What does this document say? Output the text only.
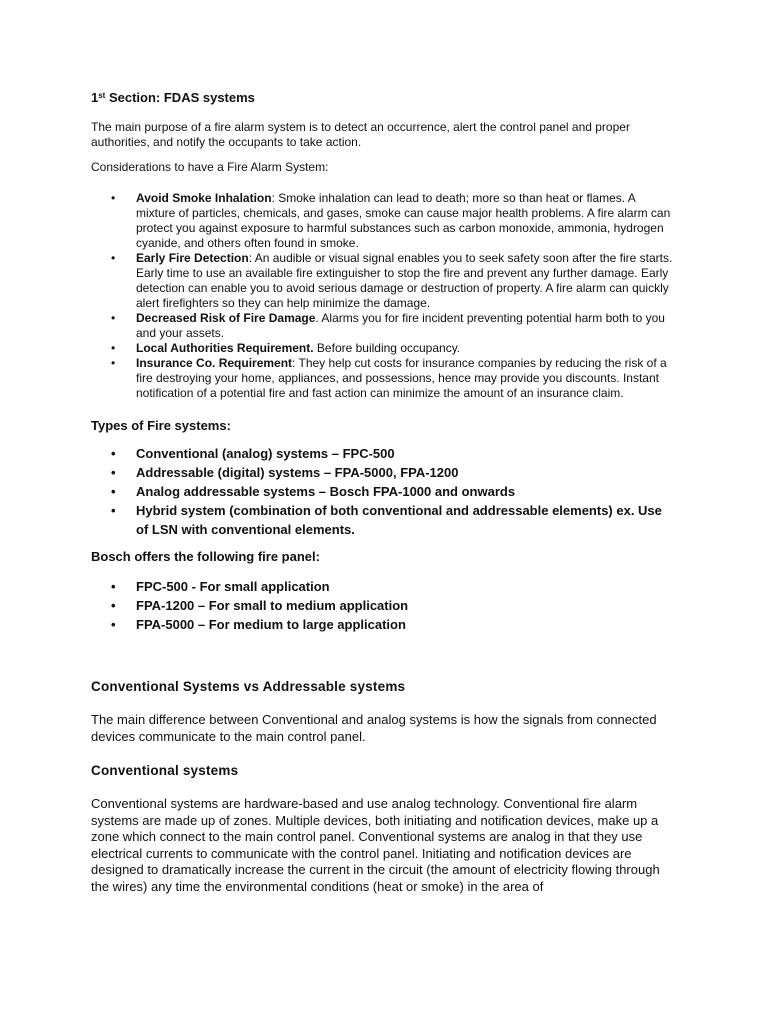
1st Section: FDAS systems

The main purpose of a fire alarm system is to detect an occurrence, alert the control panel and proper authorities, and notify the occupants to take action.

Considerations to have a Fire Alarm System:

• Avoid Smoke Inhalation: Smoke inhalation can lead to death; more so than heat or flames. A mixture of particles, chemicals, and gases, smoke can cause major health problems. A fire alarm can protect you against exposure to harmful substances such as carbon monoxide, ammonia, hydrogen cyanide, and others often found in smoke.
• Early Fire Detection: An audible or visual signal enables you to seek safety soon after the fire starts. Early time to use an available fire extinguisher to stop the fire and prevent any further damage. Early detection can enable you to avoid serious damage or destruction of property. A fire alarm can quickly alert firefighters so they can help minimize the damage.
• Decreased Risk of Fire Damage. Alarms you for fire incident preventing potential harm both to you and your assets.
• Local Authorities Requirement. Before building occupancy.
• Insurance Co. Requirement: They help cut costs for insurance companies by reducing the risk of a fire destroying your home, appliances, and possessions, hence may provide you discounts. Instant notification of a potential fire and fast action can minimize the amount of an insurance claim.
Types of Fire systems:
• Conventional (analog) systems – FPC-500
• Addressable (digital) systems – FPA-5000, FPA-1200
• Analog addressable systems – Bosch FPA-1000 and onwards
• Hybrid system (combination of both conventional and addressable elements) ex. Use of LSN with conventional elements.
Bosch offers the following fire panel:
• FPC-500 - For small application
• FPA-1200 – For small to medium application
• FPA-5000 – For medium to large application
Conventional Systems vs Addressable systems

The main difference between Conventional and analog systems is how the signals from connected devices communicate to the main control panel.

Conventional systems

Conventional systems are hardware-based and use analog technology. Conventional fire alarm systems are made up of zones. Multiple devices, both initiating and notification devices, make up a zone which connect to the main control panel. Conventional systems are analog in that they use electrical currents to communicate with the control panel. Initiating and notification devices are designed to dramatically increase the current in the circuit (the amount of electricity flowing through the wires) any time the environmental conditions (heat or smoke) in the area of
